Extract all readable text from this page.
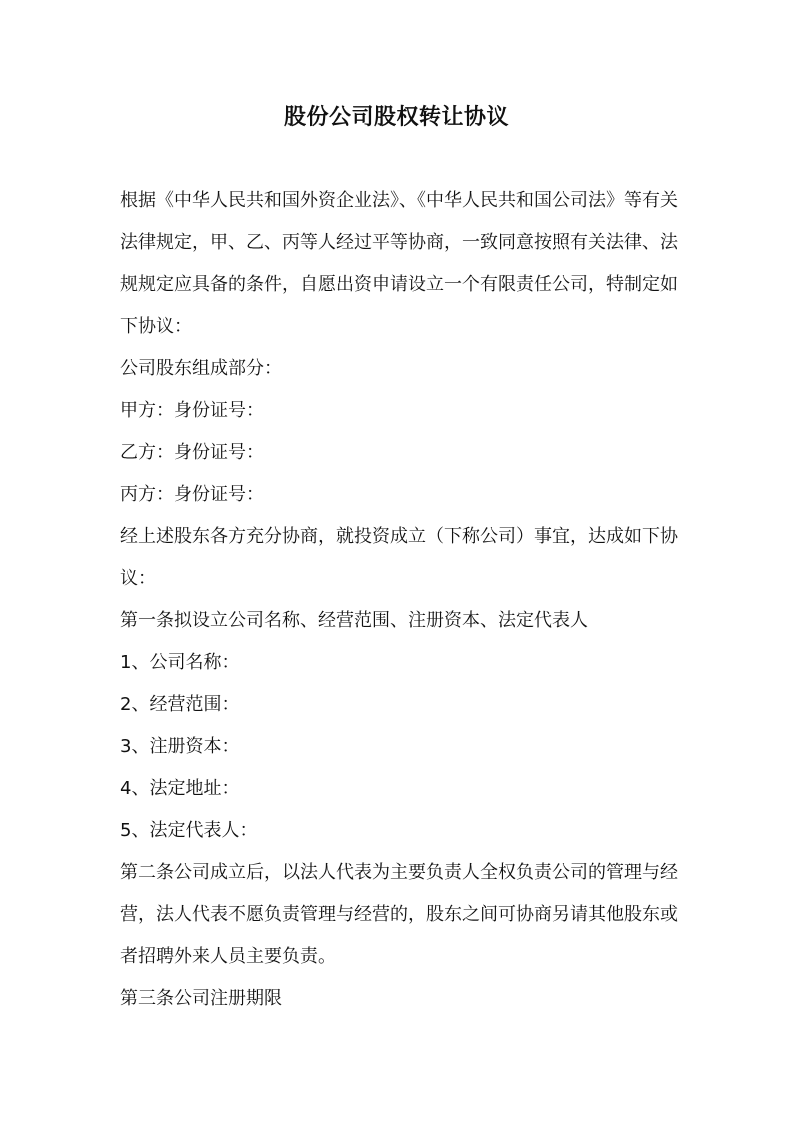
股份公司股权转让协议

根据《中华人民共和国外资企业法》、《中华人民共和国公司法》等有关法律规定，甲、乙、丙等人经过平等协商，一致同意按照有关法律、法规规定应具备的条件，自愿出资申请设立一个有限责任公司，特制定如下协议：

公司股东组成部分：

甲方：身份证号：

乙方：身份证号：

丙方：身份证号：

经上述股东各方充分协商，就投资成立（下称公司）事宜，达成如下协议：

第一条拟设立公司名称、经营范围、注册资本、法定代表人

1、公司名称：

2、经营范围：

3、注册资本：

4、法定地址：

5、法定代表人：

第二条公司成立后，以法人代表为主要负责人全权负责公司的管理与经营，法人代表不愿负责管理与经营的，股东之间可协商另请其他股东或者招聘外来人员主要负责。

第三条公司注册期限
